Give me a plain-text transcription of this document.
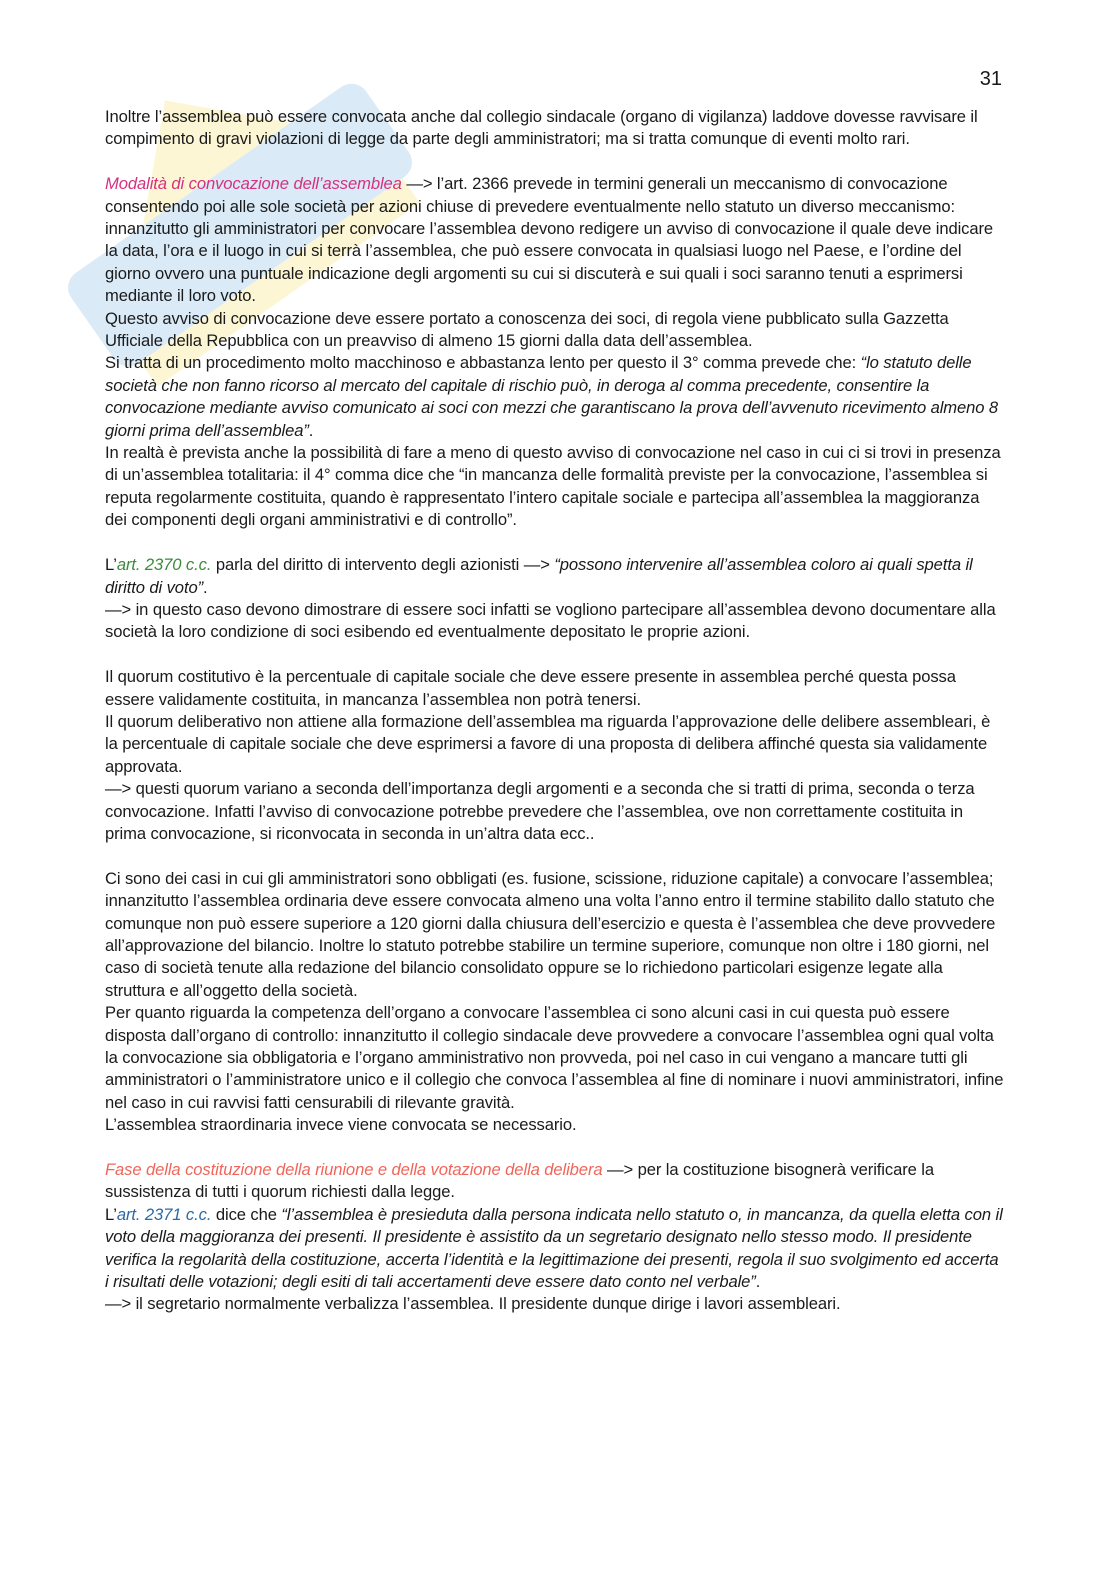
31

Inoltre l’assemblea può essere convocata anche dal collegio sindacale (organo di vigilanza) laddove dovesse ravvisare il compimento di gravi violazioni di legge da parte degli amministratori; ma si tratta comunque di eventi molto rari.

Modalità di convocazione dell’assemblea —> l’art. 2366 prevede in termini generali un meccanismo di convocazione consentendo poi alle sole società per azioni chiuse di prevedere eventualmente nello statuto un diverso meccanismo: innanzitutto gli amministratori per convocare l’assemblea devono redigere un avviso di convocazione il quale deve indicare la data, l’ora e il luogo in cui si terrà l’assemblea, che può essere convocata in qualsiasi luogo nel Paese, e l’ordine del giorno ovvero una puntuale indicazione degli argomenti su cui si discuterà e sui quali i soci saranno tenuti a esprimersi mediante il loro voto.

Questo avviso di convocazione deve essere portato a conoscenza dei soci, di regola viene pubblicato sulla Gazzetta Ufficiale della Repubblica con un preavviso di almeno 15 giorni dalla data dell’assemblea.

Si tratta di un procedimento molto macchinoso e abbastanza lento per questo il 3° comma prevede che: “lo statuto delle società che non fanno ricorso al mercato del capitale di rischio può, in deroga al comma precedente, consentire la convocazione mediante avviso comunicato ai soci con mezzi che garantiscano la prova dell’avvenuto ricevimento almeno 8 giorni prima dell’assemblea”.

In realtà è prevista anche la possibilità di fare a meno di questo avviso di convocazione nel caso in cui ci si trovi in presenza di un’assemblea totalitaria: il 4° comma dice che “in mancanza delle formalità previste per la convocazione, l’assemblea si reputa regolarmente costituita, quando è rappresentato l’intero capitale sociale e partecipa all’assemblea la maggioranza dei componenti degli organi amministrativi e di controllo”.

L’art. 2370 c.c. parla del diritto di intervento degli azionisti —> “possono intervenire all’assemblea coloro ai quali spetta il diritto di voto”.

—> in questo caso devono dimostrare di essere soci infatti se vogliono partecipare all’assemblea devono documentare alla società la loro condizione di soci esibendo ed eventualmente depositato le proprie azioni.

Il quorum costitutivo è la percentuale di capitale sociale che deve essere presente in assemblea perché questa possa essere validamente costituita, in mancanza l’assemblea non potrà tenersi.

Il quorum deliberativo non attiene alla formazione dell’assemblea ma riguarda l’approvazione delle delibere assembleari, è la percentuale di capitale sociale che deve esprimersi a favore di una proposta di delibera affinché questa sia validamente approvata.

—> questi quorum variano a seconda dell’importanza degli argomenti e a seconda che si tratti di prima, seconda o terza convocazione. Infatti l’avviso di convocazione potrebbe prevedere che l’assemblea, ove non correttamente costituita in prima convocazione, si riconvocata in seconda in un’altra data ecc..

Ci sono dei casi in cui gli amministratori sono obbligati (es. fusione, scissione, riduzione capitale) a convocare l’assemblea; innanzitutto l’assemblea ordinaria deve essere convocata almeno una volta l’anno entro il termine stabilito dallo statuto che comunque non può essere superiore a 120 giorni dalla chiusura dell’esercizio e questa è l’assemblea che deve provvedere all’approvazione del bilancio. Inoltre lo statuto potrebbe stabilire un termine superiore, comunque non oltre i 180 giorni, nel caso di società tenute alla redazione del bilancio consolidato oppure se lo richiedono particolari esigenze legate alla struttura e all’oggetto della società.

Per quanto riguarda la competenza dell’organo a convocare l’assemblea ci sono alcuni casi in cui questa può essere disposta dall’organo di controllo: innanzitutto il collegio sindacale deve provvedere a convocare l’assemblea ogni qual volta la convocazione sia obbligatoria e l’organo amministrativo non provveda, poi nel caso in cui vengano a mancare tutti gli amministratori o l’amministratore unico e il collegio che convoca l’assemblea al fine di nominare i nuovi amministratori, infine nel caso in cui ravvisi fatti censurabili di rilevante gravità.

L’assemblea straordinaria invece viene convocata se necessario.

Fase della costituzione della riunione e della votazione della delibera —> per la costituzione bisognerà verificare la sussistenza di tutti i quorum richiesti dalla legge.

L’art. 2371 c.c. dice che “l’assemblea è presieduta dalla persona indicata nello statuto o, in mancanza, da quella eletta con il voto della maggioranza dei presenti. Il presidente è assistito da un segretario designato nello stesso modo. Il presidente verifica la regolarità della costituzione, accerta l’identità e la legittimazione dei presenti, regola il suo svolgimento ed accerta i risultati delle votazioni; degli esiti di tali accertamenti deve essere dato conto nel verbale”.

—> il segretario normalmente verbalizza l’assemblea. Il presidente dunque dirige i lavori assembleari.
